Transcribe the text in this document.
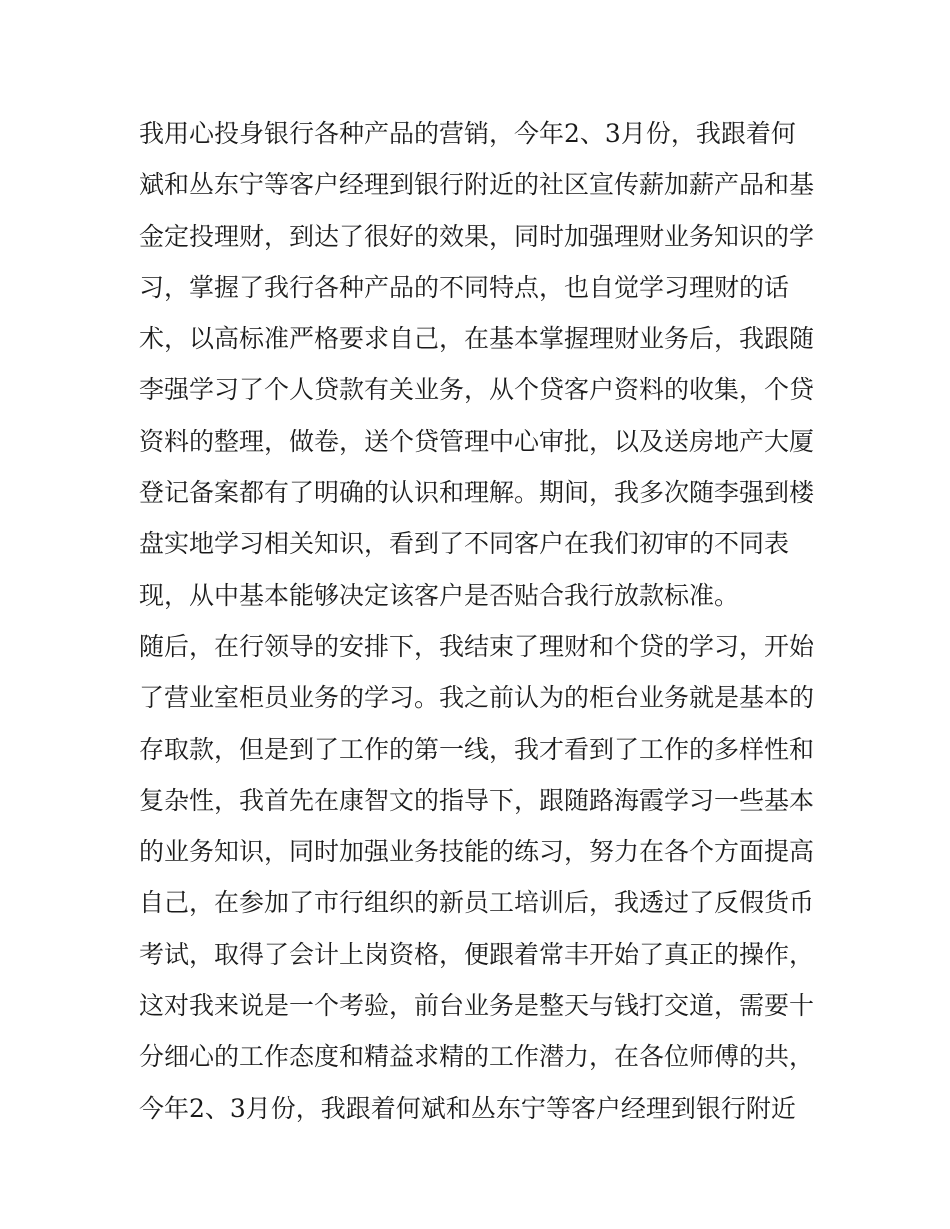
我用心投身银行各种产品的营销，今年2、3月份，我跟着何
斌和丛东宁等客户经理到银行附近的社区宣传薪加薪产品和基
金定投理财，到达了很好的效果，同时加强理财业务知识的学
习，掌握了我行各种产品的不同特点，也自觉学习理财的话
术，以高标准严格要求自己，在基本掌握理财业务后，我跟随
李强学习了个人贷款有关业务，从个贷客户资料的收集，个贷
资料的整理，做卷，送个贷管理中心审批，以及送房地产大厦
登记备案都有了明确的认识和理解。期间，我多次随李强到楼
盘实地学习相关知识，看到了不同客户在我们初审的不同表
现，从中基本能够决定该客户是否贴合我行放款标准。
随后，在行领导的安排下，我结束了理财和个贷的学习，开始
了营业室柜员业务的学习。我之前认为的柜台业务就是基本的
存取款，但是到了工作的第一线，我才看到了工作的多样性和
复杂性，我首先在康智文的指导下，跟随路海霞学习一些基本
的业务知识，同时加强业务技能的练习，努力在各个方面提高
自己，在参加了市行组织的新员工培训后，我透过了反假货币
考试，取得了会计上岗资格，便跟着常丰开始了真正的操作，
这对我来说是一个考验，前台业务是整天与钱打交道，需要十
分细心的工作态度和精益求精的工作潜力，在各位师傅的共，
今年2、3月份，我跟着何斌和丛东宁等客户经理到银行附近
